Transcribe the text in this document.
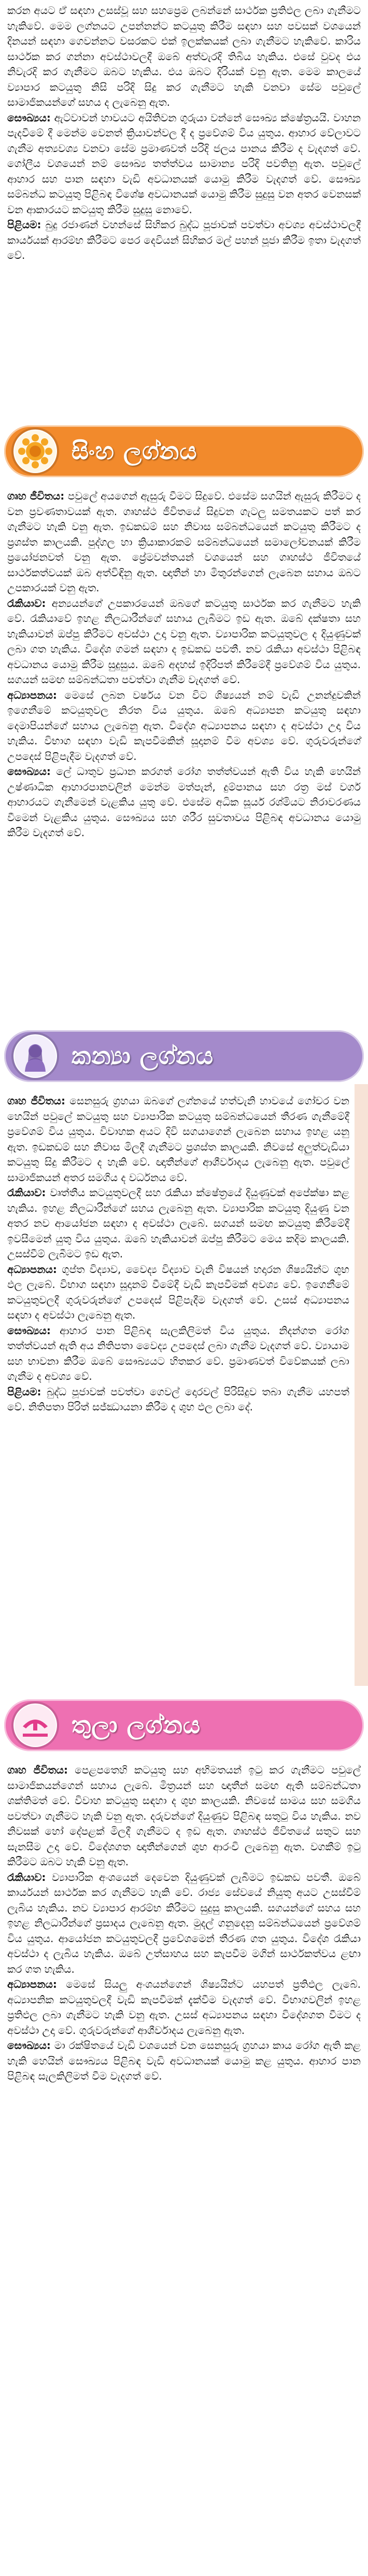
කරන අයට ඒ සඳහා උසස්වූ සහ සහප්‍රෙම ලබන්නේ සාර්ථක ප්‍රතිඵල ලබා ගැනීමට හැකිවේ. මෙම ලග්නයට උපන්නන්ට කටයුතු කිරීම සඳහා සහ පවසක් වශයෙන් දිනයන් සඳහා ගෙවන්නට වසරකට එක් ඉලක්කයක් ලබා ගැනීමට හැකිවේ. කාරිය සාර්ථක කර ගන්නා අවස්ථාවලදී ඔබේ අත්වැරදි තිබිය හැකිය. එසේ වුවද එය නිවැරදි කර ගැනීමට ඔබට හැකිය. එය ඔබට දිරියක් වනු ඇත. මෙම කාලයේ ව්‍යාපාර කටයුතු නිසි පරිදි සිදු කර ගැනීමට හැකි වනවා සේම පවුලේ සාමාජිකයන්ගේ සහය ද ලැබෙනු ඇත.

සෞඛ්‍යය: ඇට්වාවන් හාවයට අයිතිවන ගුරුයා වන්නේ සෞඛ්‍ය ක්ෂේත්‍රයයි. වාහන පැදවීමේ දී මෙන්ම වෙනත් ක්‍රියාවන්වල දී ද ප්‍රවේශම් විය යුතුය. ආහාර වේලාවට ගැනීම අත්‍යවශ්‍ය වනවා සේම ප්‍රමාණවත් පරිදි ජලය පානය කිරීම ද වැදගත් වේ. ගෝලීය වශයෙන් නම් සෞඛ්‍ය තත්ත්වය සාමාන්‍ය පරිදි පවතිනු ඇත. පවුලේ ආහාර සහ පාන සඳහා වැඩි අවධානයක් යොමු කිරීම වැදගත් වේ. සෞඛ්‍ය සම්බන්ධ කටයුතු පිළිබඳ විශේෂ අවධානයක් යොමු කිරීම සුදුසු වන අතර වෙනසක් වන ආකාරයට කටයුතු කිරීම සුදුසු නොවේ.

පිළියම: බුදු රජාණන් වහන්සේ සිහිකර බුද්ධ පූජාවක් පවත්වා අවශ්‍ය අවස්ථාවලදී කාර්යයක් ආරම්භ කිරීමට පෙර දෙවියන් සිහිකර මල් පහන් පූජා කිරීම ඉතා වැදගත් වේ.

සිංහ ලග්නය

ගෘහ ජීවිතය: පවුලේ අයගෙන් ඇසුරු වීමට සිදුවේ. එසේම සගයින් ඇසුරු කිරීමට ද වන ප්‍රවණතාවයක් ඇත. ගෘහස්ථ ජීවිතයේ සිදුවන ගැටලු සමතයකට පත් කර ගැනීමට හැකි වනු ඇත. ඉඩකඩම් සහ නිවාස සම්බන්ධයෙන් කටයුතු කිරීමට ද ප්‍රශස්ත කාලයකි. පුද්ගල හා ක්‍රියාකාරකම් සම්බන්ධයෙන් සමාලෝචනයක් කිරීම ප්‍රයෝජනවත් වනු ඇත. ප්‍රේමවන්තයන් වශයෙන් සහ ගෘහස්ථ ජීවිතයේ සාර්ථකත්වයක් ඔබ අත්විඳිනු ඇත. ඥාතීන් හා මිතුරන්ගෙන් ලැබෙන සහාය ඔබට උපකාරයක් වනු ඇත.

රැකියාව: අන්‍යයන්ගේ උපකාරයෙන් ඔබගේ කටයුතු සාර්ථක කර ගැනීමට හැකි වේ. රැකියාවේ ඉහළ නිලධාරීන්ගේ සහාය ලැබීමට ඉඩ ඇත. ඔබේ දක්ෂතා සහ හැකියාවන් ඔප්පු කිරීමට අවස්ථා උදා වනු ඇත. ව්‍යාපාරික කටයුතුවල ද දියුණුවක් ලබා ගත හැකිය. විදේශ ගමන් සඳහා ද ඉඩකඩ පවතී. නව රැකියා අවස්ථා පිළිබඳ අවධානය යොමු කිරීම සුදුසුය. ඔබේ අදහස් ඉදිරිපත් කිරීමේදී ප්‍රවේශම් විය යුතුය. සගයන් සමඟ සම්බන්ධතා පවත්වා ගැනීම වැදගත් වේ.

අධ්‍යාපනය: මෙසේ ලබන වර්ෂය වන විට ශිෂ්‍යයන් නම් වැඩි උනන්දුවකින් ඉගෙනීමේ කටයුතුවල නිරත විය යුතුය. ඔබේ අධ්‍යාපන කටයුතු සඳහා දෙමාපියන්ගේ සහාය ලැබෙනු ඇත. විදේශ අධ්‍යාපනය සඳහා ද අවස්ථා උදා විය හැකිය. විභාග සඳහා වැඩි කැපවීමකින් සූදානම් වීම අවශ්‍ය වේ. ගුරුවරුන්ගේ උපදෙස් පිළිපැදීම වැදගත් වේ.

සෞඛ්‍යය: ලේ ධාතුව ප්‍රධාන කරගත් රෝග තත්ත්වයන් ඇති විය හැකි හෙයින් උෂ්ණාධික ආහාරපානවලින් මෙන්ම මත්පැන්, දුම්පානය සහ රත්‍ර මස් වර්ග ආහාරයට ගැනීමෙන් වැළකිය යුතු වේ. එසේම අධික සූර්ය රශ්මියට නිරාවරණය වීමෙන් වැළකිය යුතුය. සෞඛ්‍යය සහ ශරීර සුවතාවය පිළිබඳ අවධානය යොමු කිරීම වැදගත් වේ.

කන්‍යා ලග්නය

ගෘහ ජීවිතය: සෙනසුරු ග්‍රහයා ඔබගේ ලග්නයේ හත්වැනි හාවයේ ගෝචර වන හෙයින් පවුලේ කටයුතු සහ ව්‍යාපාරික කටයුතු සම්බන්ධයෙන් තීරණ ගැනීමේදී ප්‍රවේශම් විය යුතුය. විවාහක අයට දිවි සගයාගෙන් ලැබෙන සහාය ඉහළ යනු ඇත. ඉඩකඩම් සහ නිවාස මිලදී ගැනීමට ප්‍රශස්ත කාලයකි. නිවසේ අලුත්වැඩියා කටයුතු සිදු කිරීමට ද හැකි වේ. ඥාතීන්ගේ ආශීර්වාදය ලැබෙනු ඇත. පවුලේ සාමාජිකයන් අතර සමගිය ද වර්ධනය වේ.

රැකියාව: වෘත්තීය කටයුතුවලදී සහ රැකියා ක්ෂේත්‍රයේ දියුණුවක් අපේක්ෂා කළ හැකිය. ඉහළ නිලධාරීන්ගේ සහය ලැබෙනු ඇත. ව්‍යාපාරික කටයුතු දියුණු වන අතර නව ආයෝජන සඳහා ද අවස්ථා ලැබේ. සගයන් සමඟ කටයුතු කිරීමේදී ඉවසීමෙන් යුතු විය යුතුය. ඔබේ හැකියාවන් ඔප්පු කිරීමට මෙය කදිම කාලයකි. උසස්වීම් ලැබීමට ඉඩ ඇත.

අධ්‍යාපනය: ගුප්ත විද්‍යාව, වෛද්‍ය විද්‍යාව වැනි විෂයන් හදාරන ශිෂ්‍යයින්ට ශුභ ඵල ලැබේ. විභාග සඳහා සූදානම් වීමේදී වැඩි කැපවීමක් අවශ්‍ය වේ. ඉගෙනීමේ කටයුතුවලදී ගුරුවරුන්ගේ උපදෙස් පිළිපැදීම වැදගත් වේ. උසස් අධ්‍යාපනය සඳහා ද අවස්ථා ලැබෙනු ඇත.

සෞඛ්‍යය: ආහාර පාන පිළිබඳ සැලකිලිමත් විය යුතුය. නිදන්ගත රෝග තත්ත්වයන් ඇති අය නිතිපතා වෛද්‍ය උපදෙස් ලබා ගැනීම වැදගත් වේ. ව්‍යායාම සහ භාවනා කිරීම ඔබේ සෞඛ්‍යයට හිතකර වේ. ප්‍රමාණවත් විවේකයක් ලබා ගැනීම ද අවශ්‍ය වේ.

පිළියම: බුද්ධ පූජාවක් පවත්වා ගෙවල් දොරවල් පිරිසිදුව තබා ගැනීම යහපත් වේ. නිතිපතා පිරිත් සජ්ඣායනා කිරීම ද ශුභ ඵල ලබා දේ.

තුලා ලග්නය

ගෘහ ජීවිතය: පෙළපතෙහි කටයුතු සහ අභිමතයන් ඉටු කර ගැනීමට පවුලේ සාමාජිකයන්ගෙන් සහාය ලැබේ. මිත්‍රයන් සහ ඥාතීන් සමඟ ඇති සම්බන්ධතා ශක්තිමත් වේ. විවාහ කටයුතු සඳහා ද ශුභ කාලයකි. නිවසේ සාමය සහ සමගිය පවත්වා ගැනීමට හැකි වනු ඇත. දරුවන්ගේ දියුණුව පිළිබඳ සතුටු විය හැකිය. නව නිවසක් හෝ දේපළක් මිලදී ගැනීමට ද ඉඩ ඇත. ගෘහස්ථ ජීවිතයේ සතුට සහ සැනසීම උදා වේ. විදේශගත ඥාතීන්ගෙන් ශුභ ආරංචි ලැබෙනු ඇත. වගකීම් ඉටු කිරීමට ඔබට හැකි වනු ඇත.

රැකියාව: ව්‍යාපාරික අංශයෙන් දෙවෙන දියුණුවක් ලැබීමට ඉඩකඩ පවතී. ඔබේ කාර්යයන් සාර්ථක කර ගැනීමට හැකි වේ. රාජ්‍ය සේවයේ නියුතු අයට උසස්වීම් ලැබිය හැකිය. නව ව්‍යාපාර ආරම්භ කිරීමට සුදුසු කාලයකි. සගයන්ගේ සහය සහ ඉහළ නිලධාරීන්ගේ ප්‍රසාදය ලැබෙනු ඇත. මුදල් ගනුදෙනු සම්බන්ධයෙන් ප්‍රවේශම් විය යුතුය. ආයෝජන කටයුතුවලදී ප්‍රවේශමෙන් තීරණ ගත යුතුය. විදේශ රැකියා අවස්ථා ද ලැබිය හැකිය. ඔබේ උත්සාහය සහ කැපවීම මගින් සාර්ථකත්වය ළඟා කර ගත හැකිය.

අධ්‍යාපනය: මෙසේ සියලු අංශයන්ගෙන් ශිෂ්‍යයින්ට යහපත් ප්‍රතිඵල ලැබේ. අධ්‍යාපනික කටයුතුවලදී වැඩි කැපවීමක් දැක්වීම වැදගත් වේ. විභාගවලින් ඉහළ ප්‍රතිඵල ලබා ගැනීමට හැකි වනු ඇත. උසස් අධ්‍යාපනය සඳහා විදේශගත වීමට ද අවස්ථා උදා වේ. ගුරුවරුන්ගේ ආශීර්වාදය ලැබෙනු ඇත.

සෞඛ්‍යය: මා රක්ෂිතයේ වැඩි වශයෙන් වන සෙනසුරු ග්‍රහයා කාය රෝග ඇති කළ හැකි හෙයින් සෞඛ්‍යය පිළිබඳ වැඩි අවධානයක් යොමු කළ යුතුය. ආහාර පාන පිළිබඳ සැලකිලිමත් වීම වැදගත් වේ.
